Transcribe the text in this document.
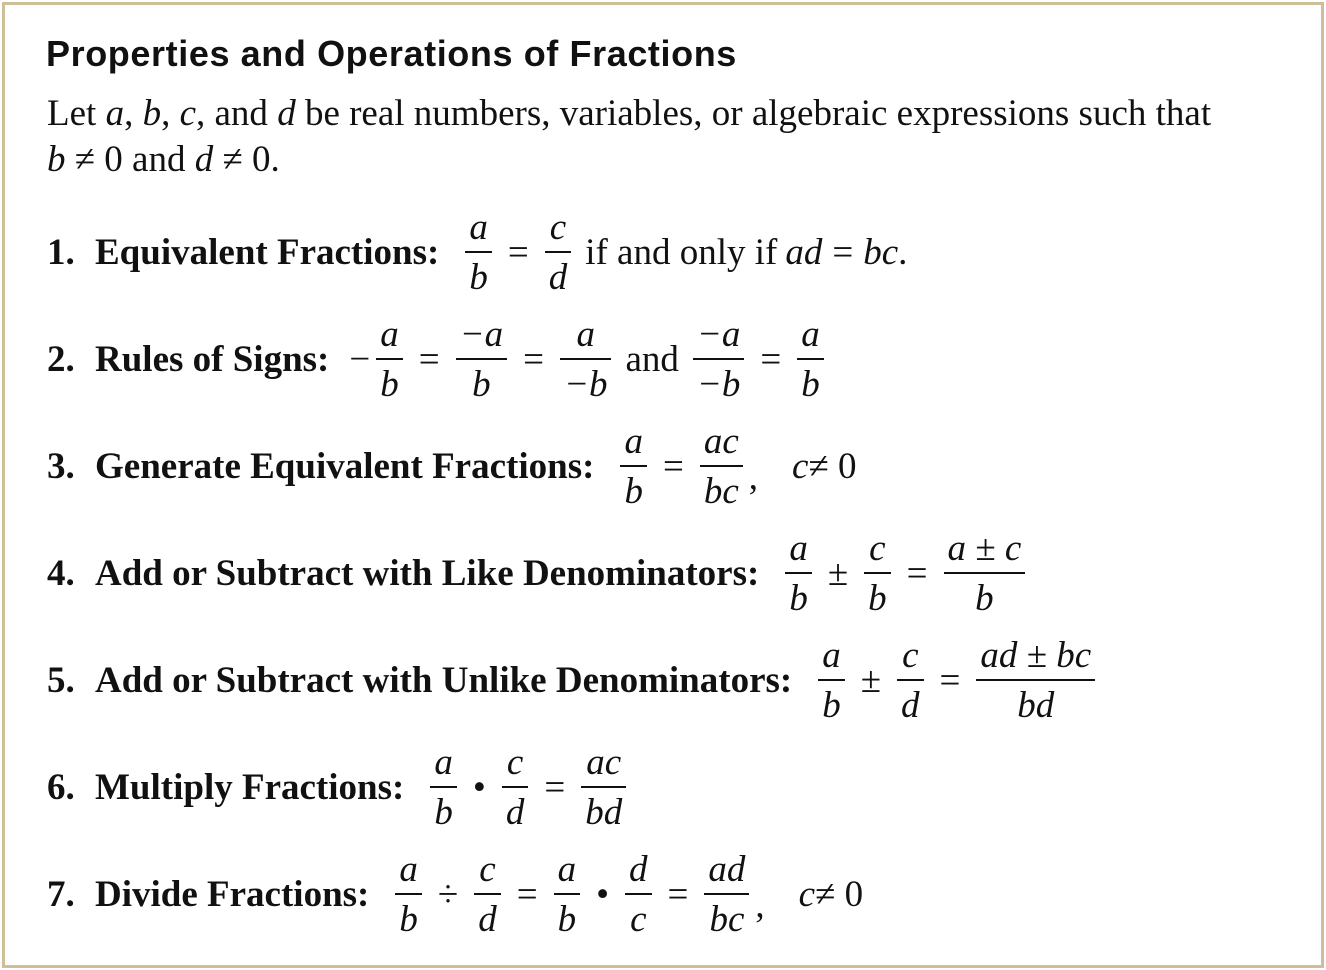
Properties and Operations of Fractions
Let a, b, c, and d be real numbers, variables, or algebraic expressions such that
b ≠ 0 and d ≠ 0.
1. Equivalent Fractions: $\frac{a}{b} = \frac{c}{d}$ if and only if ad = bc .
2. Rules of Signs: − $\frac{a}{b} = \frac{-a}{b} = \frac{a}{-b}$ and $\frac{-a}{-b} = \frac{a}{b}$
3. Generate Equivalent Fractions: $\frac{a}{b} = \frac{ac}{bc}$ , c ≠ 0
4. Add or Subtract with Like Denominators: $\frac{a}{b} \pm \frac{c}{b} = \frac{a \pm c}{b}$
5. Add or Subtract with Unlike Denominators: $\frac{a}{b} \pm \frac{c}{d} = \frac{ad \pm bc}{bd}$
6. Multiply Fractions: $\frac{a}{b}$ • $\frac{c}{d} = \frac{ac}{bd}$
7. Divide Fractions: $\frac{a}{b} \div \frac{c}{d} = \frac{a}{b}$ • $\frac{d}{c} = \frac{ad}{bc}$ , c ≠ 0
